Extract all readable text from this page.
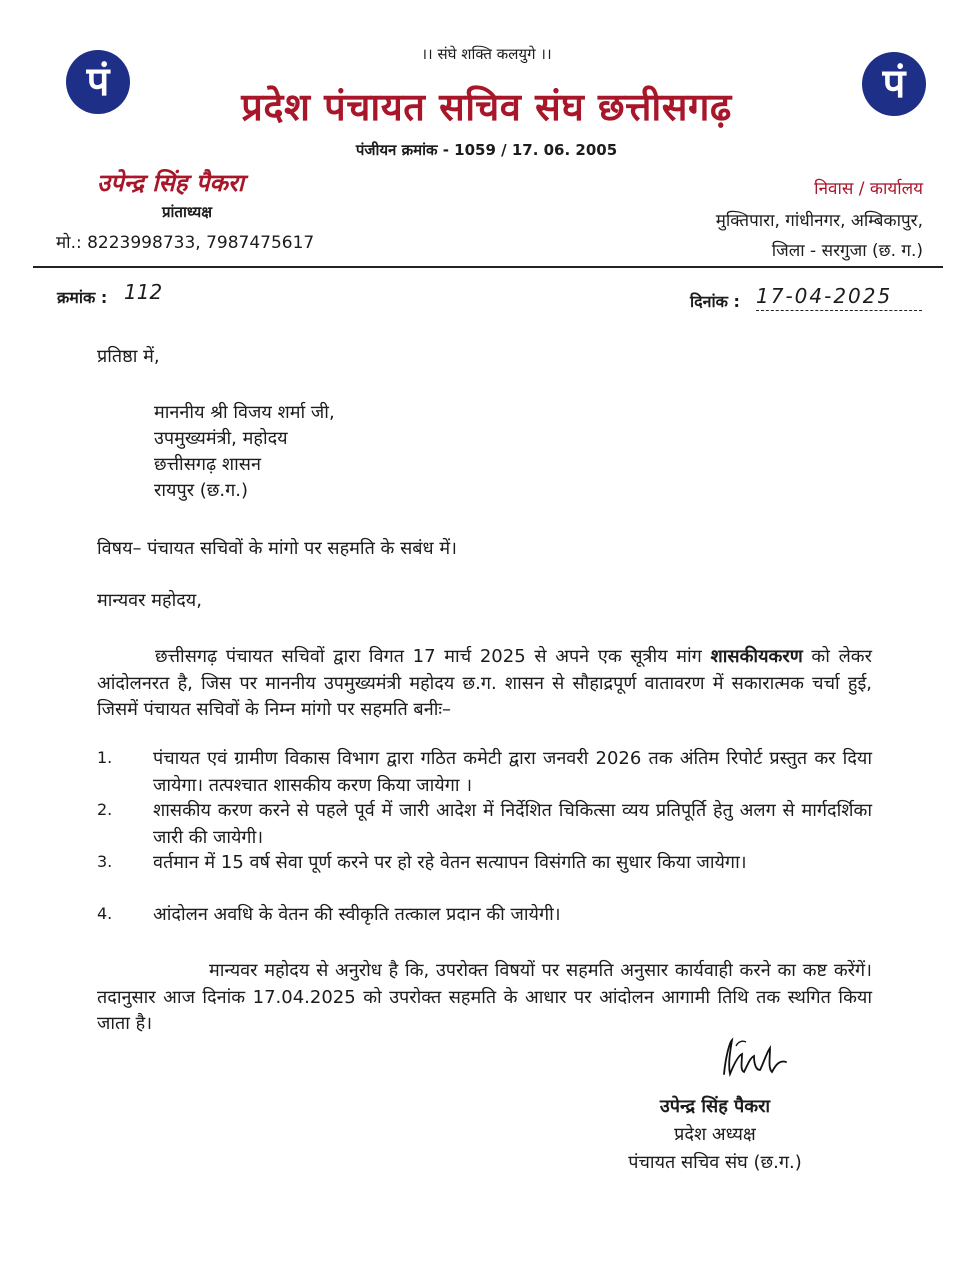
पं	पं
।। संघे शक्ति कलयुगे ।।
प्रदेश पंचायत सचिव संघ छत्तीसगढ़
पंजीयन क्रमांक - 1059 / 17. 06. 2005
उपेन्द्र सिंह पैकरा
प्रांताध्यक्ष
मो.: 8223998733, 7987475617
निवास / कार्यालय
मुक्तिपारा, गांधीनगर, अम्बिकापुर,
जिला - सरगुजा (छ. ग.)
क्रमांक : 112	दिनांक : 17-04-2025
प्रतिष्ठा में,
माननीय श्री विजय शर्मा जी,
उपमुख्यमंत्री, महोदय
छत्तीसगढ़ शासन
रायपुर (छ.ग.)
विषय– पंचायत सचिवों के मांगो पर सहमति के सबंध में।
मान्यवर महोदय,
छत्तीसगढ़ पंचायत सचिवों द्वारा विगत 17 मार्च 2025 से अपने एक सूत्रीय मांग शासकीयकरण को लेकर आंदोलनरत है, जिस पर माननीय उपमुख्यमंत्री महोदय छ.ग. शासन से सौहाद्रपूर्ण वातावरण में सकारात्मक चर्चा हुई, जिसमें पंचायत सचिवों के निम्न मांगो पर सहमति बनीः–
1. पंचायत एवं ग्रामीण विकास विभाग द्वारा गठित कमेटी द्वारा जनवरी 2026 तक अंतिम रिपोर्ट प्रस्तुत कर दिया जायेगा। तत्पश्चात शासकीय करण किया जायेगा ।
2. शासकीय करण करने से पहले पूर्व में जारी आदेश में निर्देशित चिकित्सा व्यय प्रतिपूर्ति हेतु अलग से मार्गदर्शिका जारी की जायेगी।
3. वर्तमान में 15 वर्ष सेवा पूर्ण करने पर हो रहे वेतन सत्यापन विसंगति का सुधार किया जायेगा।
4. आंदोलन अवधि के वेतन की स्वीकृति तत्काल प्रदान की जायेगी।
मान्यवर महोदय से अनुरोध है कि, उपरोक्त विषयों पर सहमति अनुसार कार्यवाही करने का कष्ट करेंगें। तदानुसार आज दिनांक 17.04.2025 को उपरोक्त सहमति के आधार पर आंदोलन आगामी तिथि तक स्थगित किया जाता है।
उपेन्द्र सिंह पैकरा
प्रदेश अध्यक्ष
पंचायत सचिव संघ (छ.ग.)
